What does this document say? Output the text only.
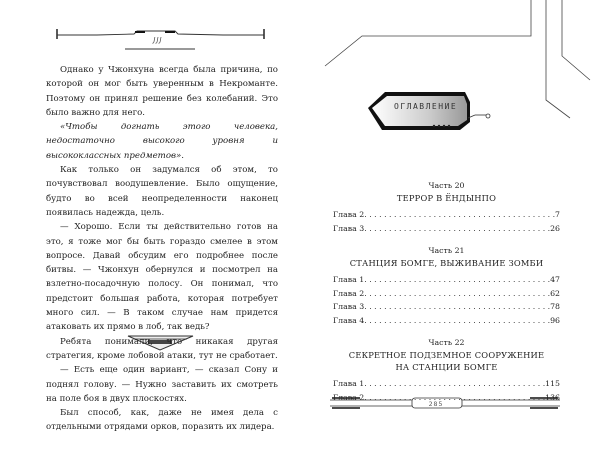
JJJ

Однако у Чжонхуна всегда была причина, по которой он мог быть уверенным в Некроманте. Поэтому он принял решение без колебаний. Это было важно для него.

«Чтобы догнать этого человека, недостаточно высокого уровня и высококлассных предметов».

Как только он задумался об этом, то почувствовал воодушевление. Было ощущение, будто во всей неопределенности наконец появилась надежда, цель.

— Хорошо. Если ты действительно готов на это, я тоже мог бы быть гораздо смелее в этом вопросе. Давай обсудим его подробнее после битвы. — Чжонхун обернулся и посмотрел на взлетно-посадочную полосу. Он понимал, что предстоит большая работа, которая потребует много сил. — В таком случае нам придется атаковать их прямо в лоб, так ведь?

Ребята понимали, что никакая другая стратегия, кроме лобовой атаки, тут не сработает.

— Есть еще один вариант, — сказал Сону и поднял голову. — Нужно заставить их смотреть на поле боя в двух плоскостях.

Был способ, как, даже не имея дела с отдельными отрядами орков, поразить их лидера.

ОГЛАВЛЕНИЕ
Часть 20
ТЕРРОР В ЁНДЫНПО
Глава 2 . . .	7
Глава 3 . . .	26
Часть 21
СТАНЦИЯ БОМГЕ, ВЫЖИВАНИЕ ЗОМБИ
Глава 1 . . .	47
Глава 2 . . .	62
Глава 3 . . .	78
Глава 4 . . .	96
Часть 22
СЕКРЕТНОЕ ПОДЗЕМНОЕ СООРУЖЕНИЕ
НА СТАНЦИИ БОМГЕ
Глава 1 . . .	115
Глава 2 . . .	136
285
